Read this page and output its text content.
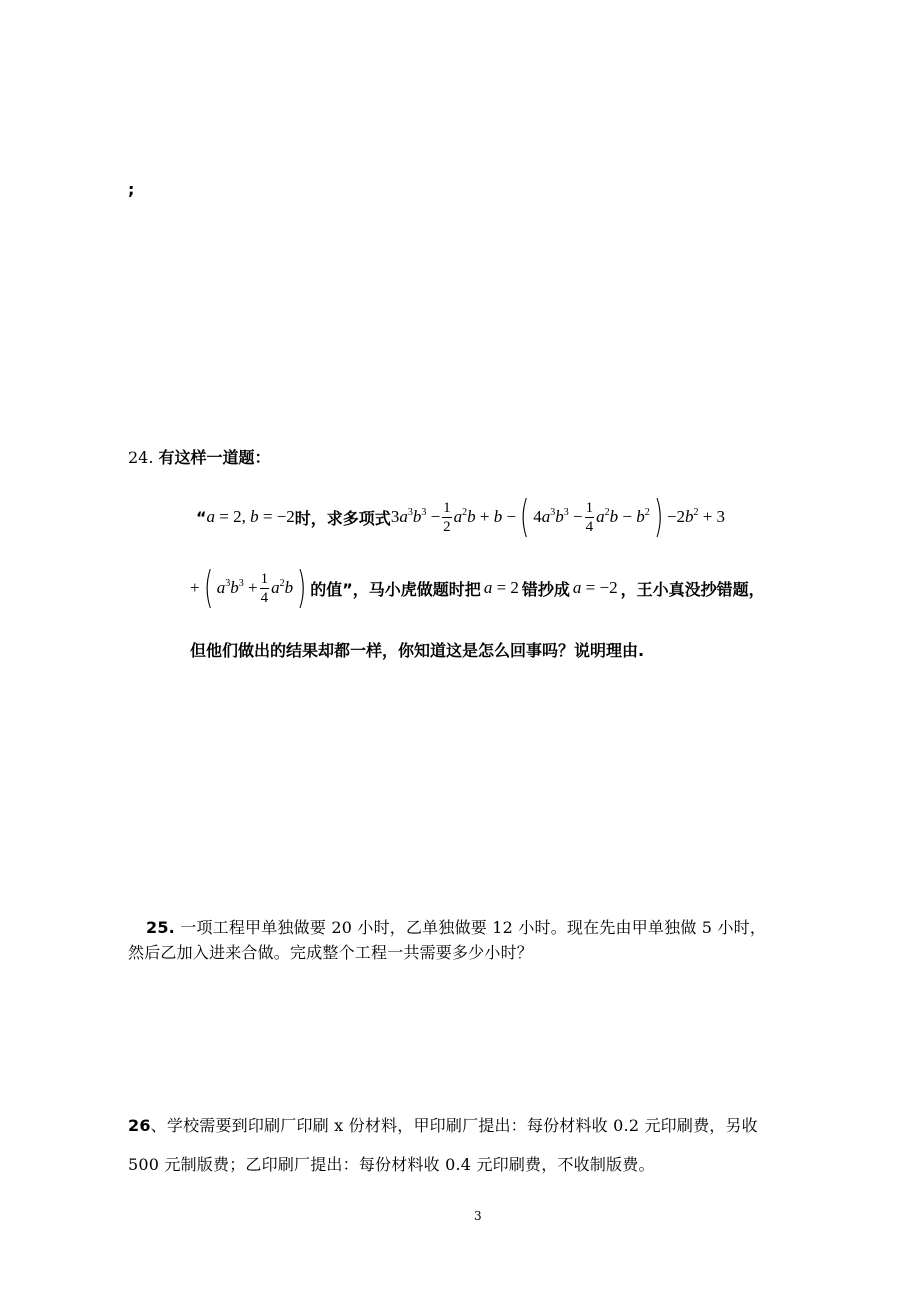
;
24. 有这样一道题：
“ a = 2, b = −2 时，求多项式 $3a^3b^3 - \frac{1}{2} a^2b + b$ − ( $4a^3b^3 - \frac{1}{4} a^2b - b^2$ ) $-2b^2 + 3$
+ ( $a^3b^3 + \frac{1}{4} a^2b$ ) 的值”，马小虎做题时把 a = 2 错抄成 a = −2 ，王小真没抄错题，
但他们做出的结果却都一样，你知道这是怎么回事吗？说明理由.
25. 一项工程甲单独做要 20 小时，乙单独做要 12 小时。现在先由甲单独做 5 小时，
然后乙加入进来合做。完成整个工程一共需要多少小时？
26、学校需要到印刷厂印刷 x 份材料，甲印刷厂提出：每份材料收 0.2 元印刷费，另收
500 元制版费；乙印刷厂提出：每份材料收 0.4 元印刷费，不收制版费。
3
